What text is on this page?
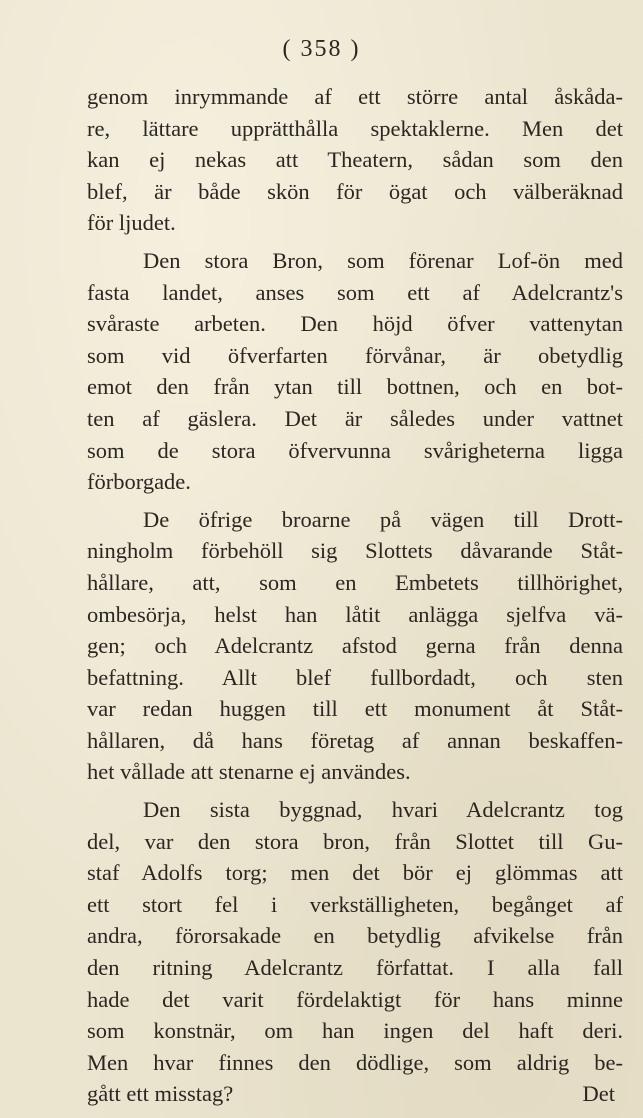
( 358 )
genom inrymmande af ett större antal åskåda-
re, lättare upprätthålla spektaklerne. Men det
kan ej nekas att Theatern, sådan som den
blef, är både skön för ögat och välberäknad
för ljudet.
Den stora Bron, som förenar Lof-ön med
fasta landet, anses som ett af Adelcrantz's
svåraste arbeten. Den höjd öfver vattenytan
som vid öfverfarten förvånar, är obetydlig
emot den från ytan till bottnen, och en bot-
ten af gäslera. Det är således under vattnet
som de stora öfvervunna svårigheterna ligga
förborgade.
De öfrige broarne på vägen till Drott-
ningholm förbehöll sig Slottets dåvarande Ståt-
hållare, att, som en Embetets tillhörighet,
ombesörja, helst han låtit anlägga sjelfva vä-
gen; och Adelcrantz afstod gerna från denna
befattning. Allt blef fullbordadt, och sten
var redan huggen till ett monument åt Ståt-
hållaren, då hans företag af annan beskaffen-
het vållade att stenarne ej användes.
Den sista byggnad, hvari Adelcrantz tog
del, var den stora bron, från Slottet till Gu-
staf Adolfs torg; men det bör ej glömmas att
ett stort fel i verkställigheten, begånget af
andra, förorsakade en betydlig afvikelse från
den ritning Adelcrantz författat. I alla fall
hade det varit fördelaktigt för hans minne
som konstnär, om han ingen del haft deri.
Men hvar finnes den dödlige, som aldrig be-
gått ett misstag?	Det
